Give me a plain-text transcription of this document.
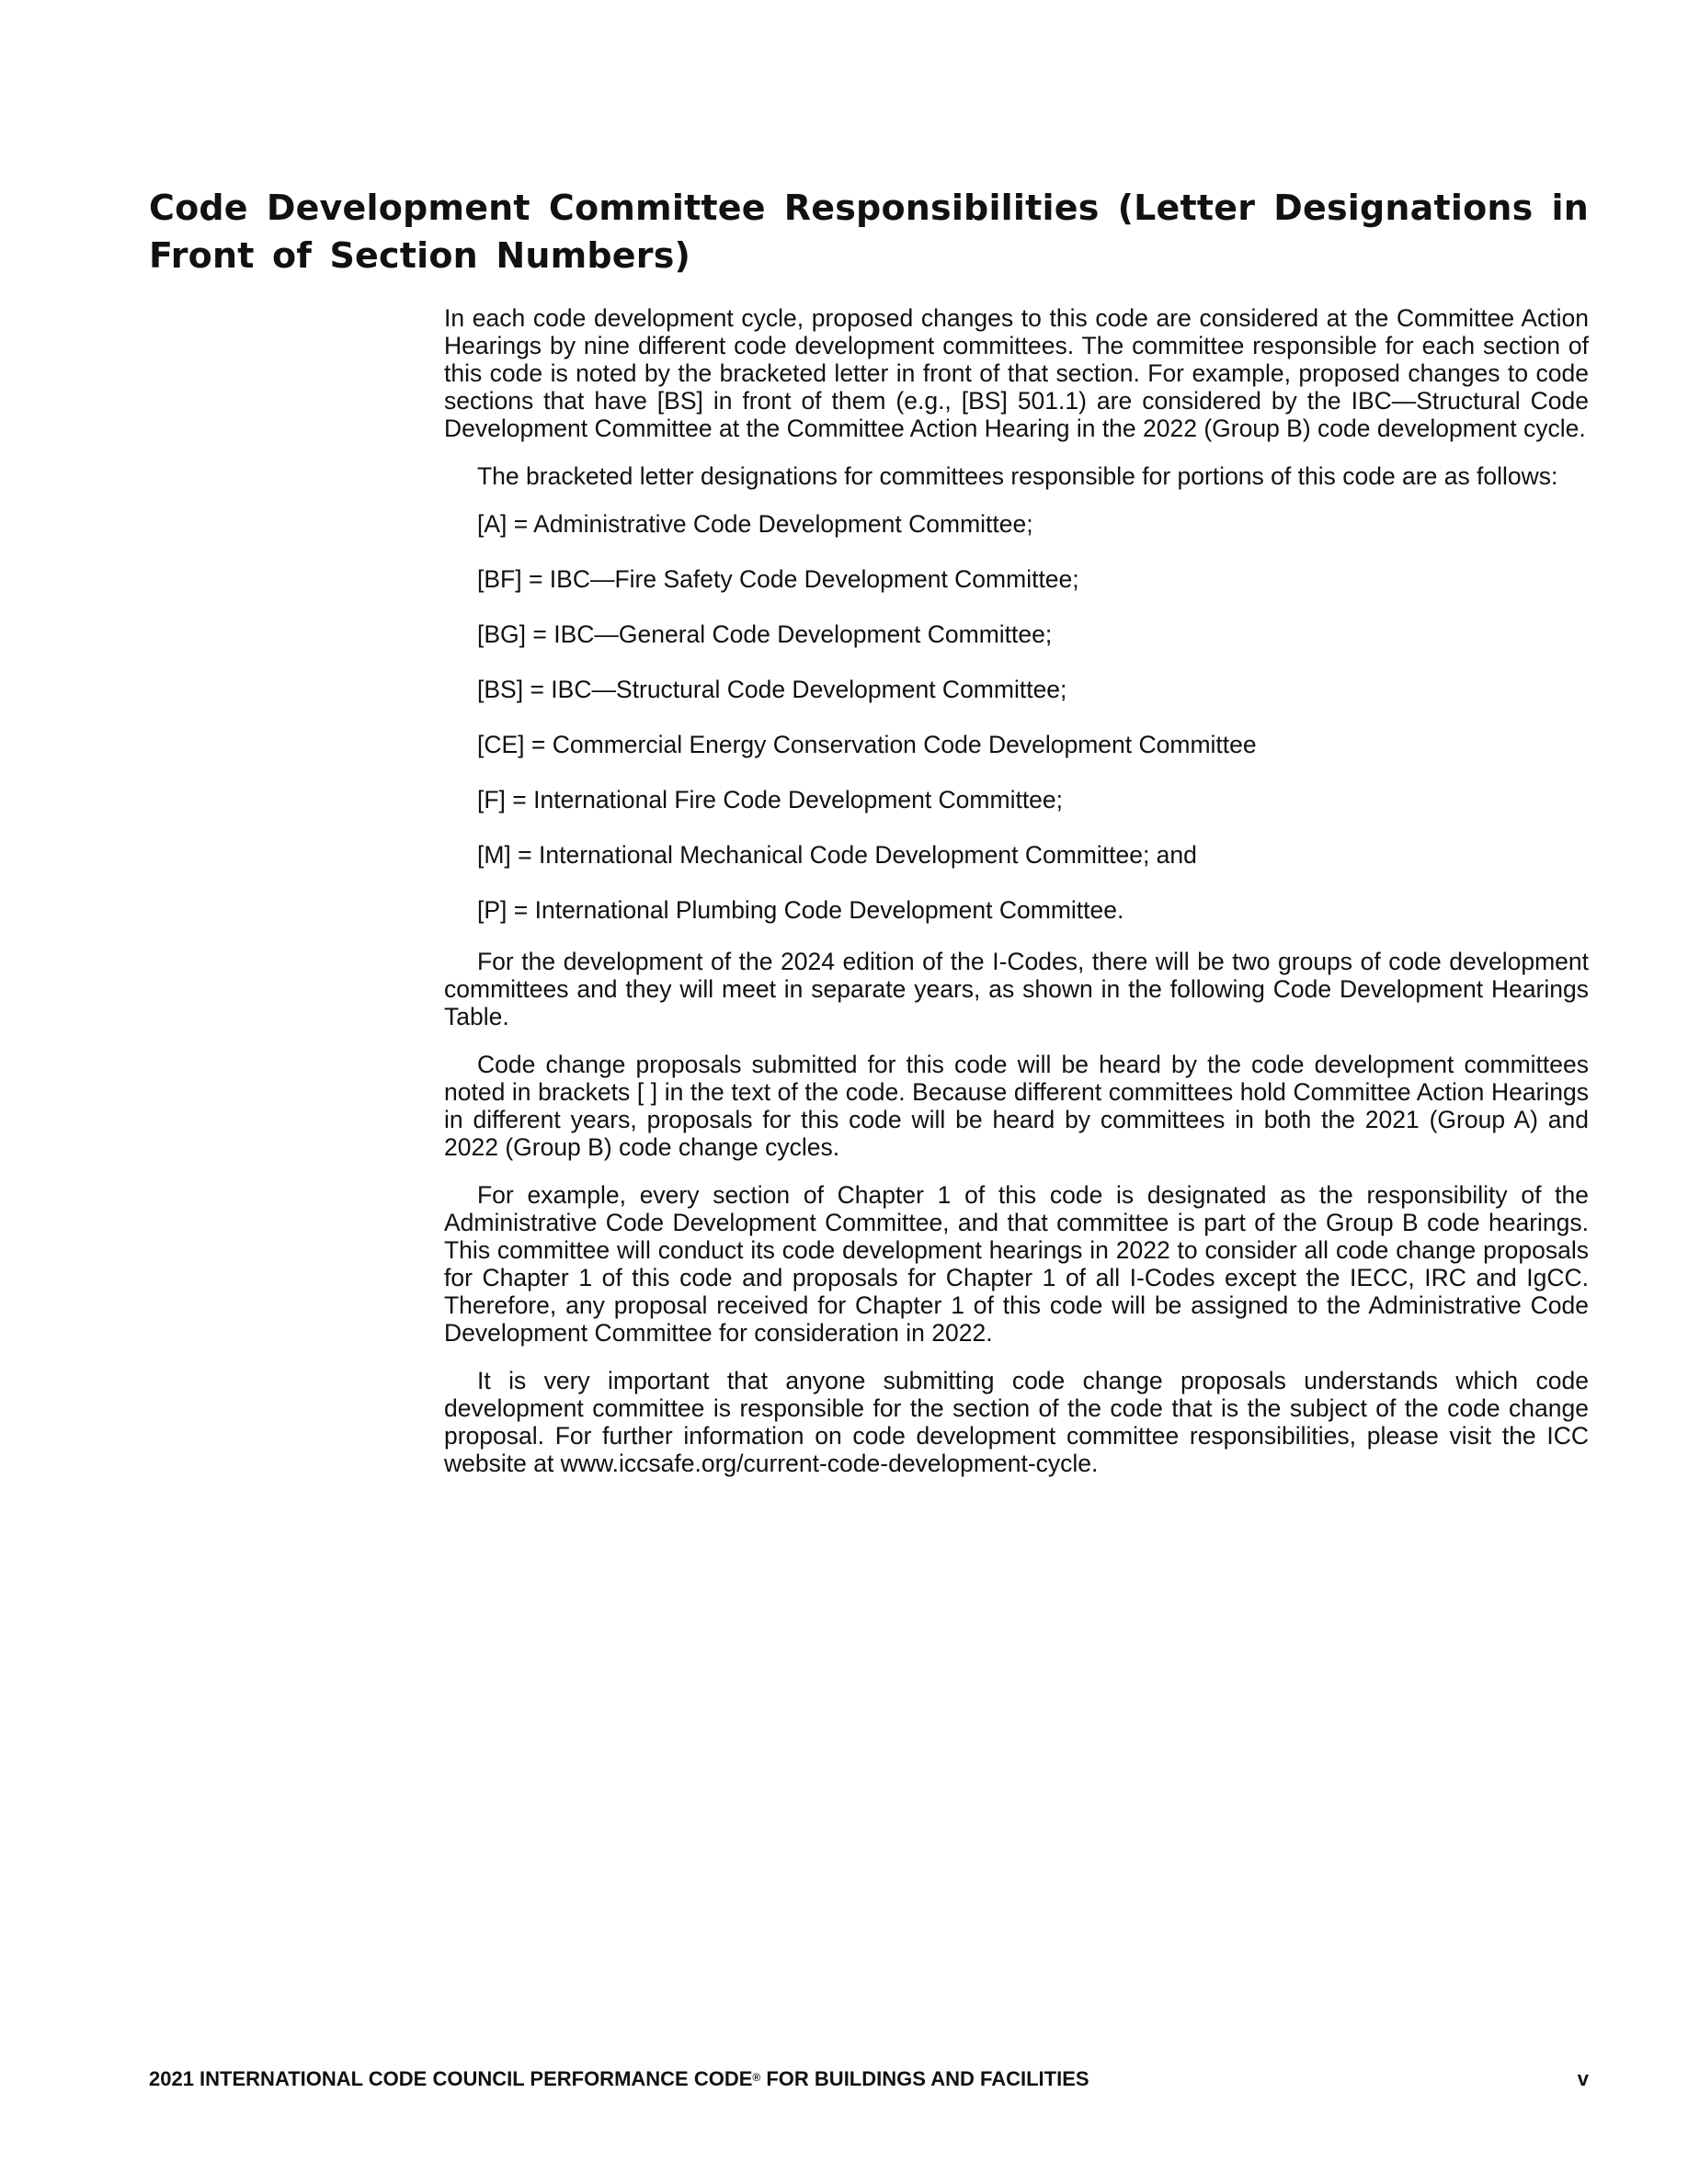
Code Development Committee Responsibilities (Letter Designations in Front of Section Numbers)

In each code development cycle, proposed changes to this code are considered at the Committee Action Hearings by nine different code development committees. The committee responsible for each section of this code is noted by the bracketed letter in front of that section. For example, proposed changes to code sections that have [BS] in front of them (e.g., [BS] 501.1) are considered by the IBC—Structural Code Development Committee at the Committee Action Hearing in the 2022 (Group B) code development cycle.

The bracketed letter designations for committees responsible for portions of this code are as follows:

[A] = Administrative Code Development Committee;
[BF] = IBC—Fire Safety Code Development Committee;
[BG] = IBC—General Code Development Committee;
[BS] = IBC—Structural Code Development Committee;
[CE] = Commercial Energy Conservation Code Development Committee
[F] = International Fire Code Development Committee;
[M] = International Mechanical Code Development Committee; and
[P] = International Plumbing Code Development Committee.

For the development of the 2024 edition of the I-Codes, there will be two groups of code development committees and they will meet in separate years, as shown in the following Code Development Hearings Table.

Code change proposals submitted for this code will be heard by the code development committees noted in brackets [ ] in the text of the code. Because different committees hold Committee Action Hearings in different years, proposals for this code will be heard by committees in both the 2021 (Group A) and 2022 (Group B) code change cycles.

For example, every section of Chapter 1 of this code is designated as the responsibility of the Administrative Code Development Committee, and that committee is part of the Group B code hearings. This committee will conduct its code development hearings in 2022 to consider all code change proposals for Chapter 1 of this code and proposals for Chapter 1 of all I-Codes except the IECC, IRC and IgCC. Therefore, any proposal received for Chapter 1 of this code will be assigned to the Administrative Code Development Committee for consideration in 2022.

It is very important that anyone submitting code change proposals understands which code development committee is responsible for the section of the code that is the subject of the code change proposal. For further information on code development committee responsibilities, please visit the ICC website at www.iccsafe.org/current-code-development-cycle.

2021 INTERNATIONAL CODE COUNCIL PERFORMANCE CODE® FOR BUILDINGS AND FACILITIES	v
